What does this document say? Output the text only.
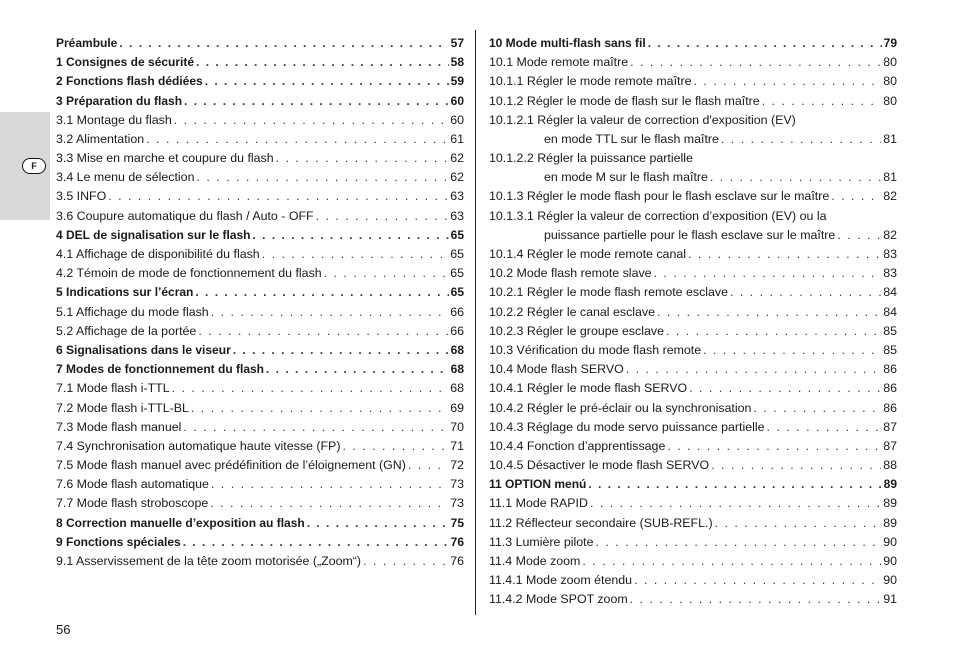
F
Préambule . . .	57
1 Consignes de sécurité . . .	58
2 Fonctions flash dédiées . . .	59
3 Préparation du flash . . .	60
3.1 Montage du flash . . .	60
3.2 Alimentation . . .	61
3.3 Mise en marche et coupure du flash . . .	62
3.4 Le menu de sélection . . .	62
3.5 INFO . . .	63
3.6 Coupure automatique du flash / Auto - OFF . . .	63
4 DEL de signalisation sur le flash . . .	65
4.1 Affichage de disponibilité du flash . . .	65
4.2 Témoin de mode de fonctionnement du flash . . .	65
5 Indications sur l’écran . . .	65
5.1 Affichage du mode flash . . .	66
5.2 Affichage de la portée . . .	66
6 Signalisations dans le viseur . . .	68
7 Modes de fonctionnement du flash . . .	68
7.1 Mode flash i-TTL . . .	68
7.2 Mode flash i-TTL-BL . . .	69
7.3 Mode flash manuel . . .	70
7.4 Synchronisation automatique haute vitesse (FP) . . .	71
7.5 Mode flash manuel avec prédéfinition de l’éloignement (GN) . . .	72
7.6 Mode flash automatique . . .	73
7.7 Mode flash stroboscope . . .	73
8 Correction manuelle d’exposition au flash . . .	75
9 Fonctions spéciales . . .	76
9.1 Asservissement de la tête zoom motorisée („Zoom“) . . .	76
10 Mode multi-flash sans fil . . .	79
10.1 Mode remote maître . . .	80
10.1.1 Régler le mode remote maître . . .	80
10.1.2 Régler le mode de flash sur le flash maître . . .	80
10.1.2.1 Régler la valeur de correction d'exposition (EV)
en mode TTL sur le flash maître . . .	81
10.1.2.2 Régler la puissance partielle
en mode M sur le flash maître . . .	81
10.1.3 Régler le mode flash pour le flash esclave sur le maître . . .	82
10.1.3.1 Régler la valeur de correction d’exposition (EV) ou la
puissance partielle pour le flash esclave sur le maître . . .	82
10.1.4 Régler le mode remote canal . . .	83
10.2 Mode flash remote slave . . .	83
10.2.1 Régler le mode flash remote esclave . . .	84
10.2.2 Régler le canal esclave . . .	84
10.2.3 Régler le groupe esclave . . .	85
10.3 Vérification du mode flash remote . . .	85
10.4 Mode flash SERVO . . .	86
10.4.1 Régler le mode flash SERVO . . .	86
10.4.2 Régler le pré-éclair ou la synchronisation . . .	86
10.4.3 Réglage du mode servo puissance partielle . . .	87
10.4.4 Fonction d’apprentissage . . .	87
10.4.5 Désactiver le mode flash SERVO . . .	88
11 OPTION menú . . .	89
11.1 Mode RAPID . . .	89
11.2 Réflecteur secondaire (SUB-REFL.) . . .	89
11.3 Lumière pilote . . .	90
11.4 Mode zoom . . .	90
11.4.1 Mode zoom étendu . . .	90
11.4.2 Mode SPOT zoom . . .	91
56
